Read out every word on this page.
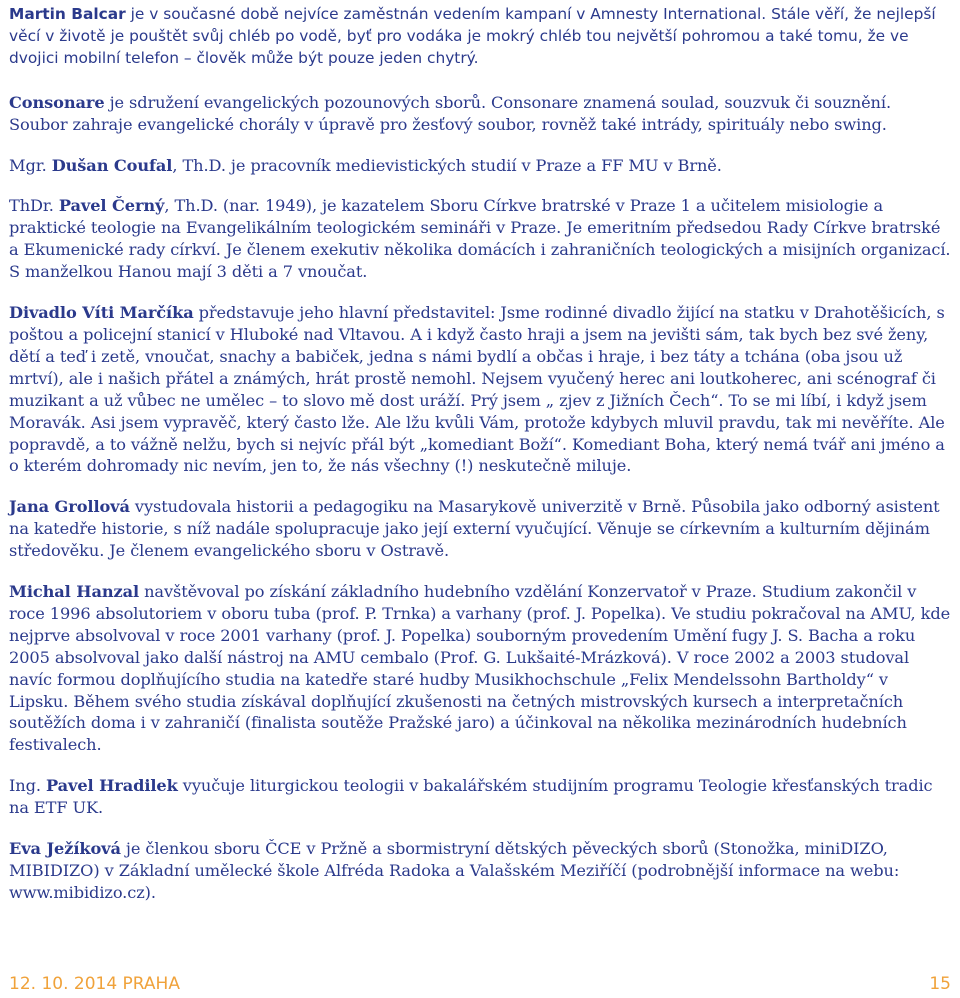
Martin Balcar je v současné době nejvíce zaměstnán vedením kampaní v Amnesty International. Stále věří, že nejlepší věcí v životě je pouštět svůj chléb po vodě, byť pro vodáka je mokrý chléb tou největší pohromou a také tomu, že ve dvojici mobilní telefon – člověk může být pouze jeden chytrý.

Consonare je sdružení evangelických pozounových sborů. Consonare znamená soulad, souzvuk či souznění. Soubor zahraje evangelické chorály v úpravě pro žesťový soubor, rovněž také intrády, spirituály nebo swing.

Mgr. Dušan Coufal, Th.D. je pracovník medievistických studií v Praze a FF MU v Brně.

ThDr. Pavel Černý, Th.D. (nar. 1949), je kazatelem Sboru Církve bratrské v Praze 1 a učitelem misiologie a praktické teologie na Evangelikálním teologickém semináři v Praze. Je emeritním předsedou Rady Církve bratrské a Ekumenické rady církví. Je členem exekutiv několika domácích i zahraničních teologických a misijních organizací. S manželkou Hanou mají 3 děti a 7 vnoučat.

Divadlo Víti Marčíka představuje jeho hlavní představitel: Jsme rodinné divadlo žijící na statku v Drahotěšicích, s poštou a policejní stanicí v Hluboké nad Vltavou. A i když často hraji a jsem na jevišti sám, tak bych bez své ženy, dětí a teď i zetě, vnoučat, snachy a babiček, jedna s námi bydlí a občas i hraje, i bez táty a tchána (oba jsou už mrtví), ale i našich přátel a známých, hrát prostě nemohl. Nejsem vyučený herec ani loutkoherec, ani scénograf či muzikant a už vůbec ne umělec – to slovo mě dost uráží. Prý jsem „ zjev z Jižních Čech“. To se mi líbí, i když jsem Moravák. Asi jsem vypravěč, který často lže. Ale lžu kvůli Vám, protože kdybych mluvil pravdu, tak mi nevěříte. Ale popravdě, a to vážně nelžu, bych si nejvíc přál být „komediant Boží“. Komediant Boha, který nemá tvář ani jméno a o kterém dohromady nic nevím, jen to, že nás všechny (!) neskutečně miluje.

Jana Grollová vystudovala historii a pedagogiku na Masarykově univerzitě v Brně. Působila jako odborný asistent na katedře historie, s níž nadále spolupracuje jako její externí vyučující. Věnuje se církevním a kulturním dějinám středověku. Je členem evangelického sboru v Ostravě.

Michal Hanzal navštěvoval po získání základního hudebního vzdělání Konzervatoř v Praze. Studium zakončil v roce 1996 absolutoriem v oboru tuba (prof. P. Trnka) a varhany (prof. J. Popelka). Ve studiu pokračoval na AMU, kde nejprve absolvoval v roce 2001 varhany (prof. J. Popelka) souborným provedením Umění fugy J. S. Bacha a roku 2005 absolvoval jako další nástroj na AMU cembalo (Prof. G. Lukšaité-Mrázková). V roce 2002 a 2003 studoval navíc formou doplňujícího studia na katedře staré hudby Musikhochschule „Felix Mendelssohn Bartholdy“ v Lipsku. Během svého studia získával doplňující zkušenosti na četných mistrovských kursech a interpretačních soutěžích doma i v zahraničí (finalista soutěže Pražské jaro) a účinkoval na několika mezinárodních hudebních festivalech.

Ing. Pavel Hradilek vyučuje liturgickou teologii v bakalářském studijním programu Teologie křesťanských tradic na ETF UK.

Eva Ježíková je členkou sboru ČCE v Pržně a sbormistryní dětských pěveckých sborů (Stonožka, miniDIZO, MIBIDIZO) v Základní umělecké škole Alfréda Radoka a Valašském Meziříčí (podrobnější informace na webu: www.mibidizo.cz).

12. 10. 2014 PRAHA	15
